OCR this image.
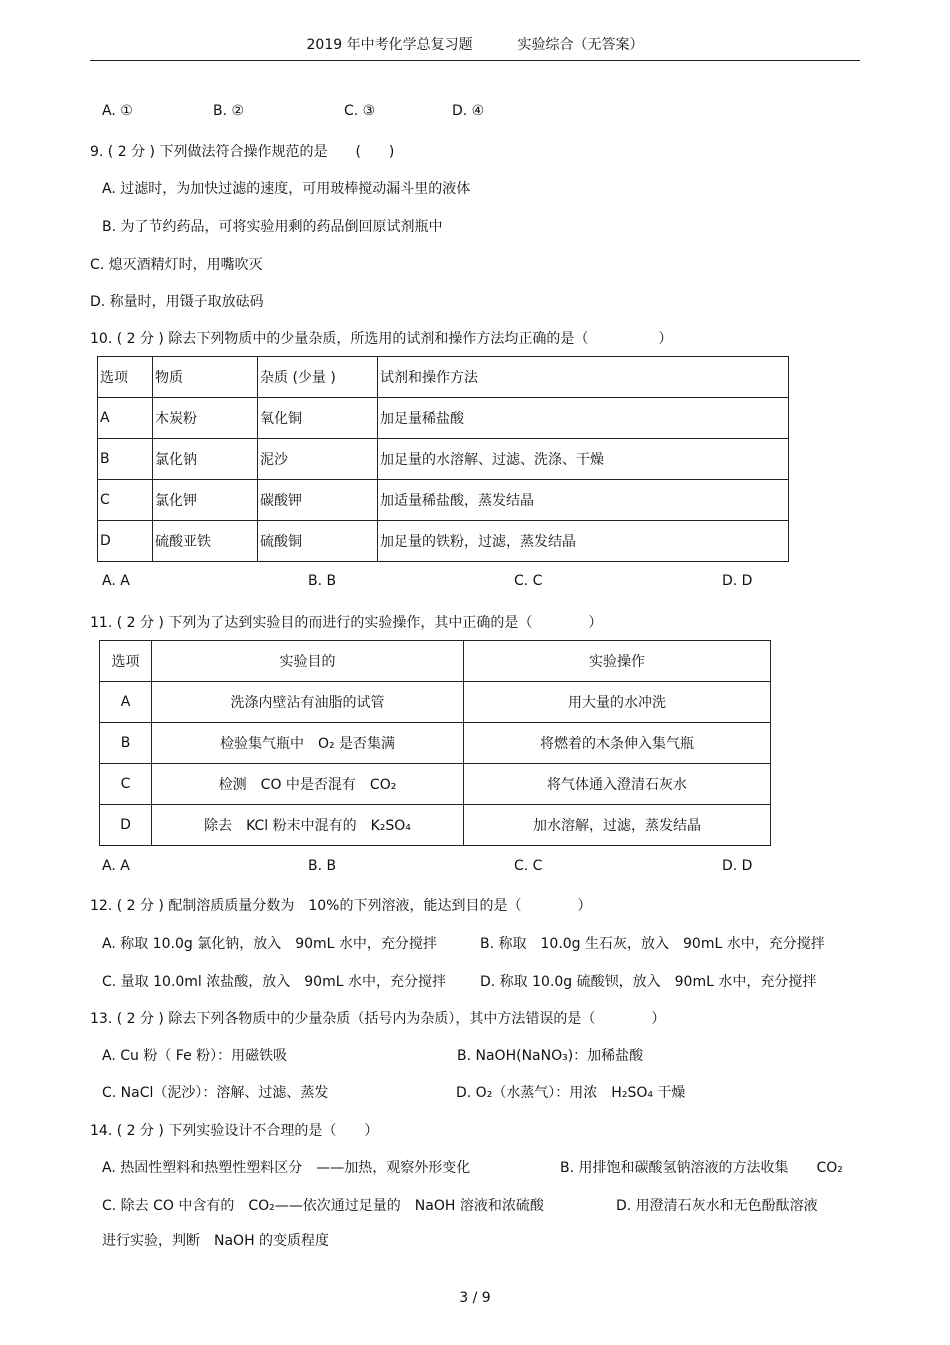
2019 年中考化学总复习题	实验综合（无答案）
A. ①	B. ②	C. ③	D. ④
9. ( 2 分 ) 下列做法符合操作规范的是　　(　　)
A. 过滤时，为加快过滤的速度，可用玻棒搅动漏斗里的液体
B. 为了节约药品，可将实验用剩的药品倒回原试剂瓶中
C. 熄灭酒精灯时，用嘴吹灭
D. 称量时，用镊子取放砝码
10. ( 2 分 ) 除去下列物质中的少量杂质，所选用的试剂和操作方法均正确的是（　　　　　）
选项	物质	杂质 (少量 )	试剂和操作方法
A	木炭粉	氧化铜	加足量稀盐酸
B	氯化钠	泥沙	加足量的水溶解、过滤、洗涤、干燥
C	氯化钾	碳酸钾	加适量稀盐酸，蒸发结晶
D	硫酸亚铁	硫酸铜	加足量的铁粉，过滤，蒸发结晶
A. A	B. B	C. C	D. D
11. ( 2 分 ) 下列为了达到实验目的而进行的实验操作，其中正确的是（　　　　）
选项	实验目的	实验操作
A	洗涤内壁沾有油脂的试管	用大量的水冲洗
B	检验集气瓶中　O₂ 是否集满	将燃着的木条伸入集气瓶
C	检测　CO 中是否混有　CO₂	将气体通入澄清石灰水
D	除去　KCl 粉末中混有的　K₂SO₄	加水溶解，过滤，蒸发结晶
A. A	B. B	C. C	D. D
12. ( 2 分 ) 配制溶质质量分数为　10%的下列溶液，能达到目的是（　　　　）
A. 称取 10.0g 氯化钠，放入　90mL 水中，充分搅拌	B. 称取　10.0g 生石灰，放入　90mL 水中，充分搅拌
C. 量取 10.0ml 浓盐酸，放入　90mL 水中，充分搅拌 D. 称取 10.0g 硫酸钡，放入　90mL 水中，充分搅拌
13. ( 2 分 ) 除去下列各物质中的少量杂质（括号内为杂质），其中方法错误的是（　　　　）
A. Cu 粉（ Fe 粉）：用磁铁吸	B. NaOH(NaNO₃)：加稀盐酸
C. NaCl（泥沙）：溶解、过滤、蒸发	D. O₂（水蒸气）：用浓　H₂SO₄ 干燥
14. ( 2 分 ) 下列实验设计不合理的是（　　）
A. 热固性塑料和热塑性塑料区分　——加热，观察外形变化	B. 用排饱和碳酸氢钠溶液的方法收集　　CO₂
C. 除去 CO 中含有的　CO₂——依次通过足量的　NaOH 溶液和浓硫酸	D. 用澄清石灰水和无色酚酞溶液
进行实验，判断　NaOH 的变质程度
3 / 9
